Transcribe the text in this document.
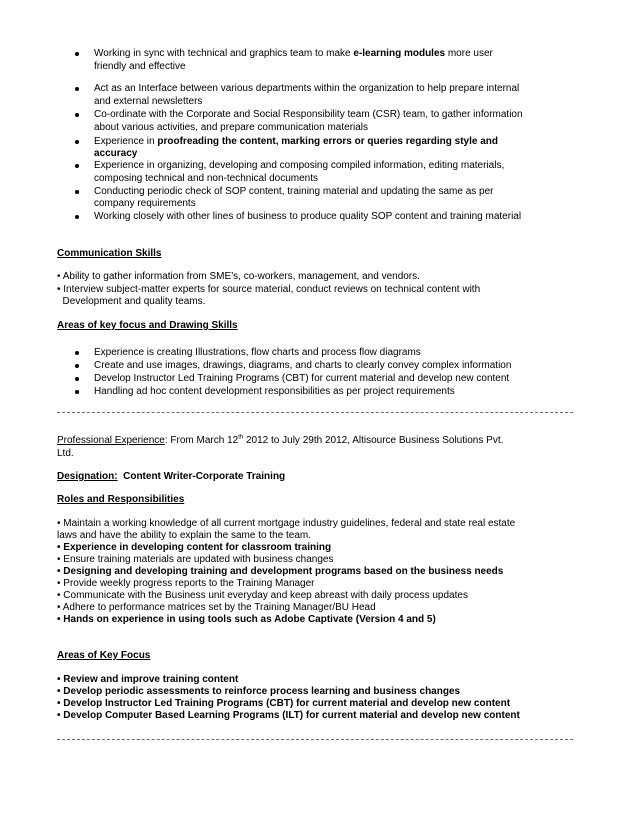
Working in sync with technical and graphics team to make e-learning modules more user
friendly and effective
Act as an Interface between various departments within the organization to help prepare internal
and external newsletters
Co-ordinate with the Corporate and Social Responsibility team (CSR) team, to gather information
about various activities, and prepare communication materials
Experience in proofreading the content, marking errors or queries regarding style and
accuracy
Experience in organizing, developing and composing compiled information, editing materials,
composing technical and non-technical documents
Conducting periodic check of SOP content, training material and updating the same as per
company requirements
Working closely with other lines of business to produce quality SOP content and training material
Communication Skills
• Ability to gather information from SME’s, co-workers, management, and vendors.
• Interview subject-matter experts for source material, conduct reviews on technical content with
Development and quality teams.
Areas of key focus and Drawing Skills
Experience is creating Illustrations, flow charts and process flow diagrams
Create and use images, drawings, diagrams, and charts to clearly convey complex information
Develop Instructor Led Training Programs (CBT) for current material and develop new content
Handling ad hoc content development responsibilities as per project requirements
Professional Experience: From March 12th 2012 to July 29th 2012, Altisource Business Solutions Pvt.
Ltd.
Designation:  Content Writer-Corporate Training
Roles and Responsibilities
• Maintain a working knowledge of all current mortgage industry guidelines, federal and state real estate
laws and have the ability to explain the same to the team.
• Experience in developing content for classroom training
• Ensure training materials are updated with business changes
• Designing and developing training and development programs based on the business needs
• Provide weekly progress reports to the Training Manager
• Communicate with the Business unit everyday and keep abreast with daily process updates
• Adhere to performance matrices set by the Training Manager/BU Head
• Hands on experience in using tools such as Adobe Captivate (Version 4 and 5)
Areas of Key Focus
• Review and improve training content
• Develop periodic assessments to reinforce process learning and business changes
• Develop Instructor Led Training Programs (CBT) for current material and develop new content
• Develop Computer Based Learning Programs (ILT) for current material and develop new content
